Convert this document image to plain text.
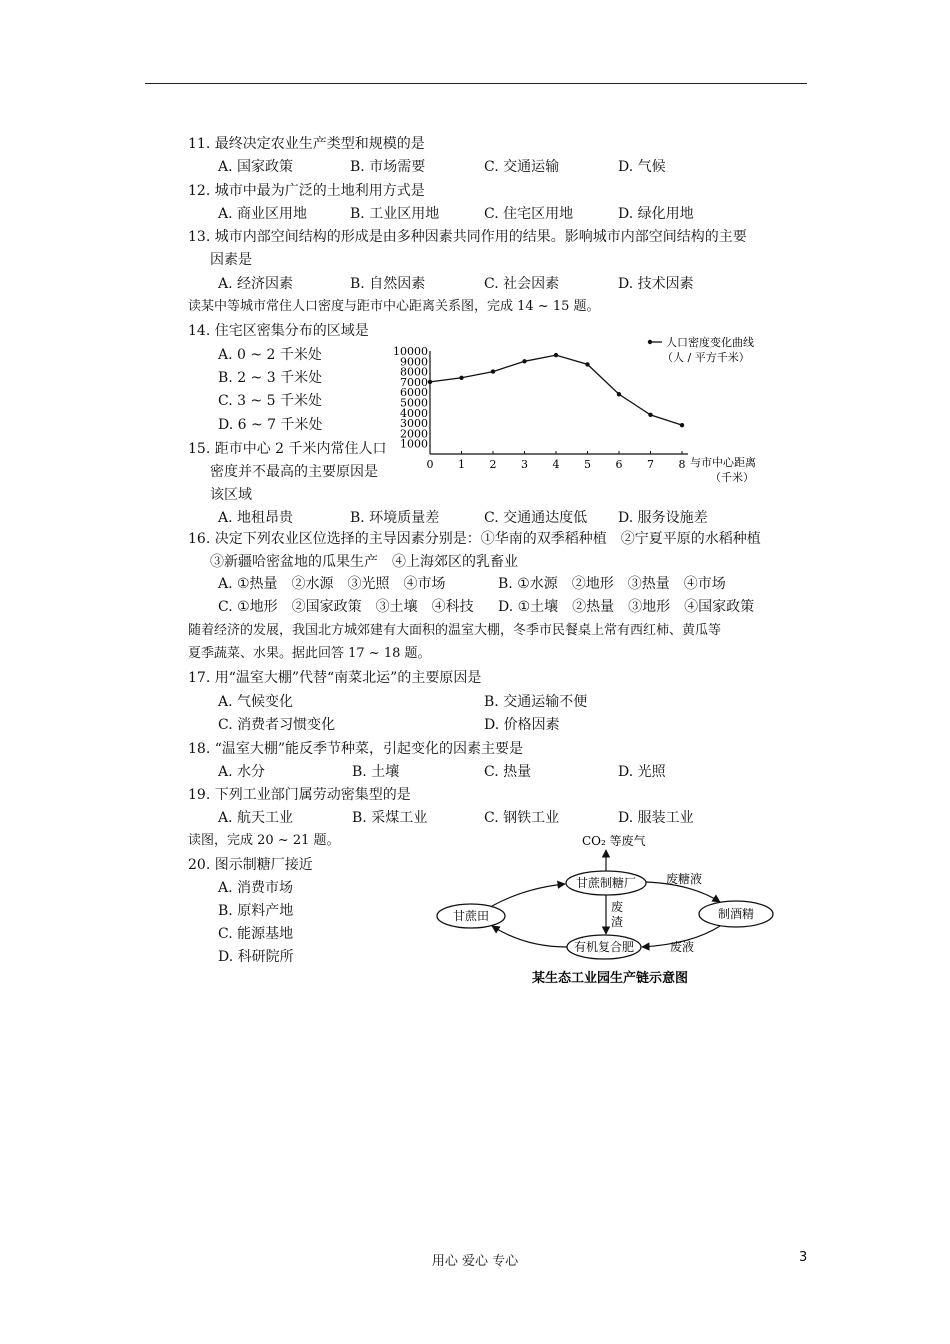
11. 最终决定农业生产类型和规模的是
A. 国家政策	B. 市场需要	C. 交通运输	D. 气候
12. 城市中最为广泛的土地利用方式是
A. 商业区用地	B. 工业区用地	C. 住宅区用地	D. 绿化用地
13. 城市内部空间结构的形成是由多种因素共同作用的结果。影响城市内部空间结构的主要
因素是
A. 经济因素	B. 自然因素	C. 社会因素	D. 技术因素
读某中等城市常住人口密度与距市中心距离关系图，完成 14 ~ 15 题。
14. 住宅区密集分布的区域是
A. 0 ~ 2 千米处
B. 2 ~ 3 千米处
C. 3 ~ 5 千米处
D. 6 ~ 7 千米处
15. 距市中心 2 千米内常住人口
密度并不最高的主要原因是
该区域
A. 地租昂贵	B. 环境质量差	C. 交通通达度低 D. 服务设施差
10000
9000
8000
7000
6000
5000
4000
3000
2000
1000
0 1 2 3 4 5 6 7 8
人口密度变化曲线
（人 / 平方千米）
与市中心距离
（千米）
16. 决定下列农业区位选择的主导因素分别是：①华南的双季稻种植　②宁夏平原的水稻种植
③新疆哈密盆地的瓜果生产　④上海郊区的乳畜业
A. ①热量　②水源　③光照　④市场	B. ①水源　②地形　③热量　④市场
C. ①地形　②国家政策　③土壤　④科技 D. ①土壤　②热量　③地形　④国家政策
随着经济的发展，我国北方城郊建有大面积的温室大棚，冬季市民餐桌上常有西红柿、黄瓜等
夏季蔬菜、水果。据此回答 17 ~ 18 题。
17. 用“温室大棚”代替“南菜北运”的主要原因是
A. 气候变化	B. 交通运输不便
C. 消费者习惯变化	D. 价格因素
18. “温室大棚”能反季节种菜，引起变化的因素主要是
A. 水分	B. 土壤	C. 热量	D. 光照
19. 下列工业部门属劳动密集型的是
A. 航天工业	B. 采煤工业	C. 钢铁工业	D. 服装工业
读图，完成 20 ~ 21 题。
20. 图示制糖厂接近
A. 消费市场
B. 原料产地
C. 能源基地
D. 科研院所
CO₂ 等废气
甘蔗制糖厂
甘蔗田	制酒精
有机复合肥
废糖液
废
渣
废液
某生态工业园生产链示意图
用心 爱心 专心	3
